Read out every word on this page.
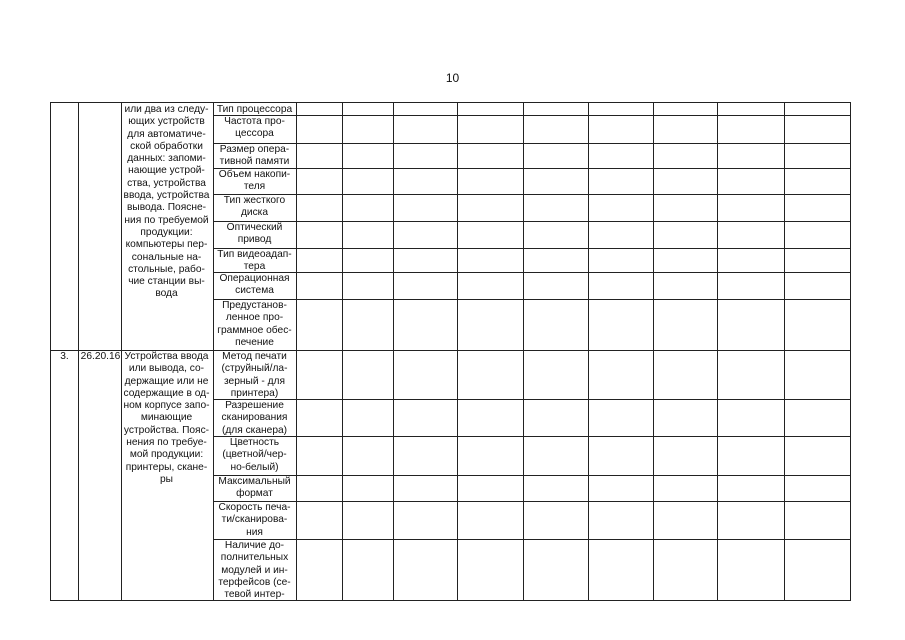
10
или два из следу-
ющих устройств
для автоматиче-
ской обработки
данных: запоми-
нающие устрой-
ства, устройства
ввода, устройства
вывода. Поясне-
ния по требуемой
продукции:
компьютеры пер-
сональные на-
стольные, рабо-
чие станции вы-
вода
Тип процессора
Частота про-
цессора
Размер опера-
тивной памяти
Объем накопи-
теля
Тип жесткого
диска
Оптический
привод
Тип видеоадап-
тера
Операционная
система
Предустанов-
ленное про-
граммное обес-
печение
3.	26.20.16 Устройства ввода
или вывода, со-
держащие или не
содержащие в од-
ном корпусе запо-
минающие
устройства. Пояс-
нения по требуе-
мой продукции:
принтеры, скане-
ры
Метод печати
(струйный/ла-
зерный - для
принтера)
Разрешение
сканирования
(для сканера)
Цветность
(цветной/чер-
но-белый)
Максимальный
формат
Скорость печа-
ти/сканирова-
ния
Наличие до-
полнительных
модулей и ин-
терфейсов (се-
тевой интер-
